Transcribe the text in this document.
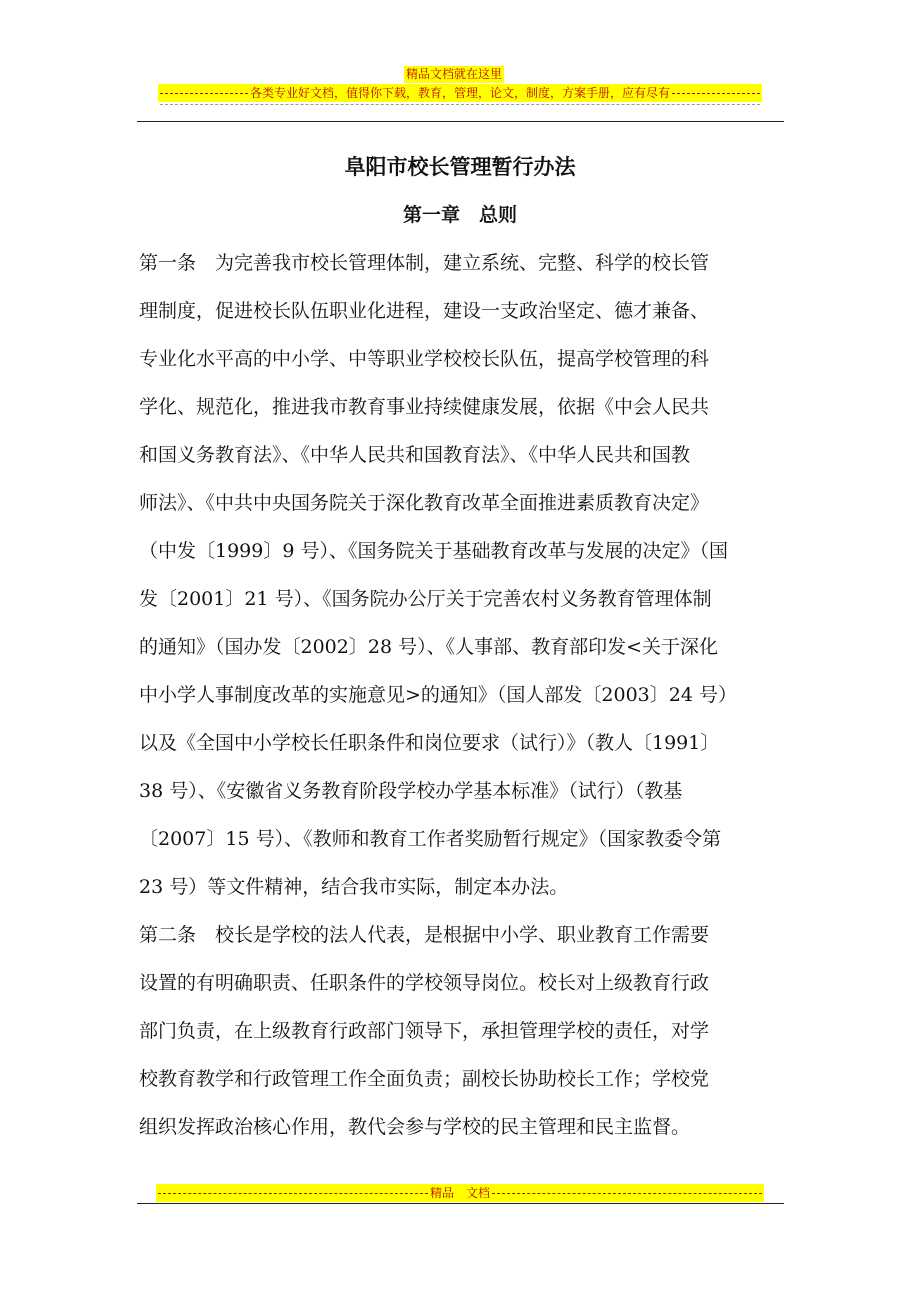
精品文档就在这里
各类专业好文档，值得你下载，教育，管理，论文，制度，方案手册，应有尽有
阜阳市校长管理暂行办法
第一章　总则
第一条　为完善我市校长管理体制，建立系统、完整、科学的校长管
理制度，促进校长队伍职业化进程，建设一支政治坚定、德才兼备、
专业化水平高的中小学、中等职业学校校长队伍，提高学校管理的科
学化、规范化，推进我市教育事业持续健康发展，依据《中会人民共
和国义务教育法》、《中华人民共和国教育法》、《中华人民共和国教
师法》、《中共中央国务院关于深化教育改革全面推进素质教育决定》
（中发〔1999〕9 号）、《国务院关于基础教育改革与发展的决定》（国
发〔2001〕21 号）、《国务院办公厅关于完善农村义务教育管理体制
的通知》（国办发〔2002〕28 号）、《人事部、教育部印发<关于深化
中小学人事制度改革的实施意见>的通知》（国人部发〔2003〕24 号）
以及《全国中小学校长任职条件和岗位要求（试行）》（教人〔1991〕
38 号）、《安徽省义务教育阶段学校办学基本标准》（试行）（教基
〔2007〕15 号）、《教师和教育工作者奖励暂行规定》（国家教委令第
23 号）等文件精神，结合我市实际，制定本办法。
第二条　校长是学校的法人代表，是根据中小学、职业教育工作需要
设置的有明确职责、任职条件的学校领导岗位。校长对上级教育行政
部门负责，在上级教育行政部门领导下，承担管理学校的责任，对学
校教育教学和行政管理工作全面负责；副校长协助校长工作；学校党
组织发挥政治核心作用，教代会参与学校的民主管理和民主监督。
精品　文档
